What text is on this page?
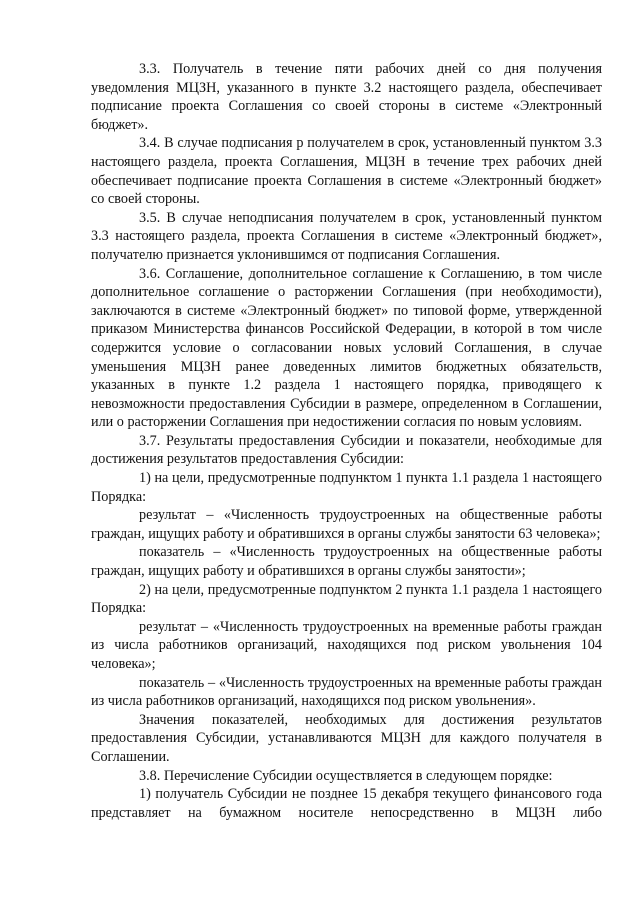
3.3. Получатель в течение пяти рабочих дней со дня получения уведомления МЦЗН, указанного в пункте 3.2 настоящего раздела, обеспечивает подписание проекта Соглашения со своей стороны в системе «Электронный бюджет».

3.4. В случае подписания р получателем в срок, установленный пунктом 3.3 настоящего раздела, проекта Соглашения, МЦЗН в течение трех рабочих дней обеспечивает подписание проекта Соглашения в системе «Электронный бюджет» со своей стороны.

3.5. В случае неподписания получателем в срок, установленный пунктом 3.3 настоящего раздела, проекта Соглашения в системе «Электронный бюджет», получателю признается уклонившимся от подписания Соглашения.

3.6. Соглашение, дополнительное соглашение к Соглашению, в том числе дополнительное соглашение о расторжении Соглашения (при необходимости), заключаются в системе «Электронный бюджет» по типовой форме, утвержденной приказом Министерства финансов Российской Федерации, в которой в том числе содержится условие о согласовании новых условий Соглашения, в случае уменьшения МЦЗН ранее доведенных лимитов бюджетных обязательств, указанных в пункте 1.2 раздела 1 настоящего порядка, приводящего к невозможности предоставления Субсидии в размере, определенном в Соглашении, или о расторжении Соглашения при недостижении согласия по новым условиям.

3.7. Результаты предоставления Субсидии и показатели, необходимые для достижения результатов предоставления Субсидии:

1) на цели, предусмотренные подпунктом 1 пункта 1.1 раздела 1 настоящего Порядка:

результат – «Численность трудоустроенных на общественные работы граждан, ищущих работу и обратившихся в органы службы занятости 63 человека»;

показатель – «Численность трудоустроенных на общественные работы граждан, ищущих работу и обратившихся в органы службы занятости»;

2) на цели, предусмотренные подпунктом 2 пункта 1.1 раздела 1 настоящего Порядка:

результат – «Численность трудоустроенных на временные работы граждан из числа работников организаций, находящихся под риском увольнения 104 человека»;

показатель – «Численность трудоустроенных на временные работы граждан из числа работников организаций, находящихся под риском увольнения».

Значения показателей, необходимых для достижения результатов предоставления Субсидии, устанавливаются МЦЗН для каждого получателя в Соглашении.

3.8. Перечисление Субсидии осуществляется в следующем порядке:

1) получатель Субсидии не позднее 15 декабря текущего финансового года представляет на бумажном носителе непосредственно в МЦЗН либо
